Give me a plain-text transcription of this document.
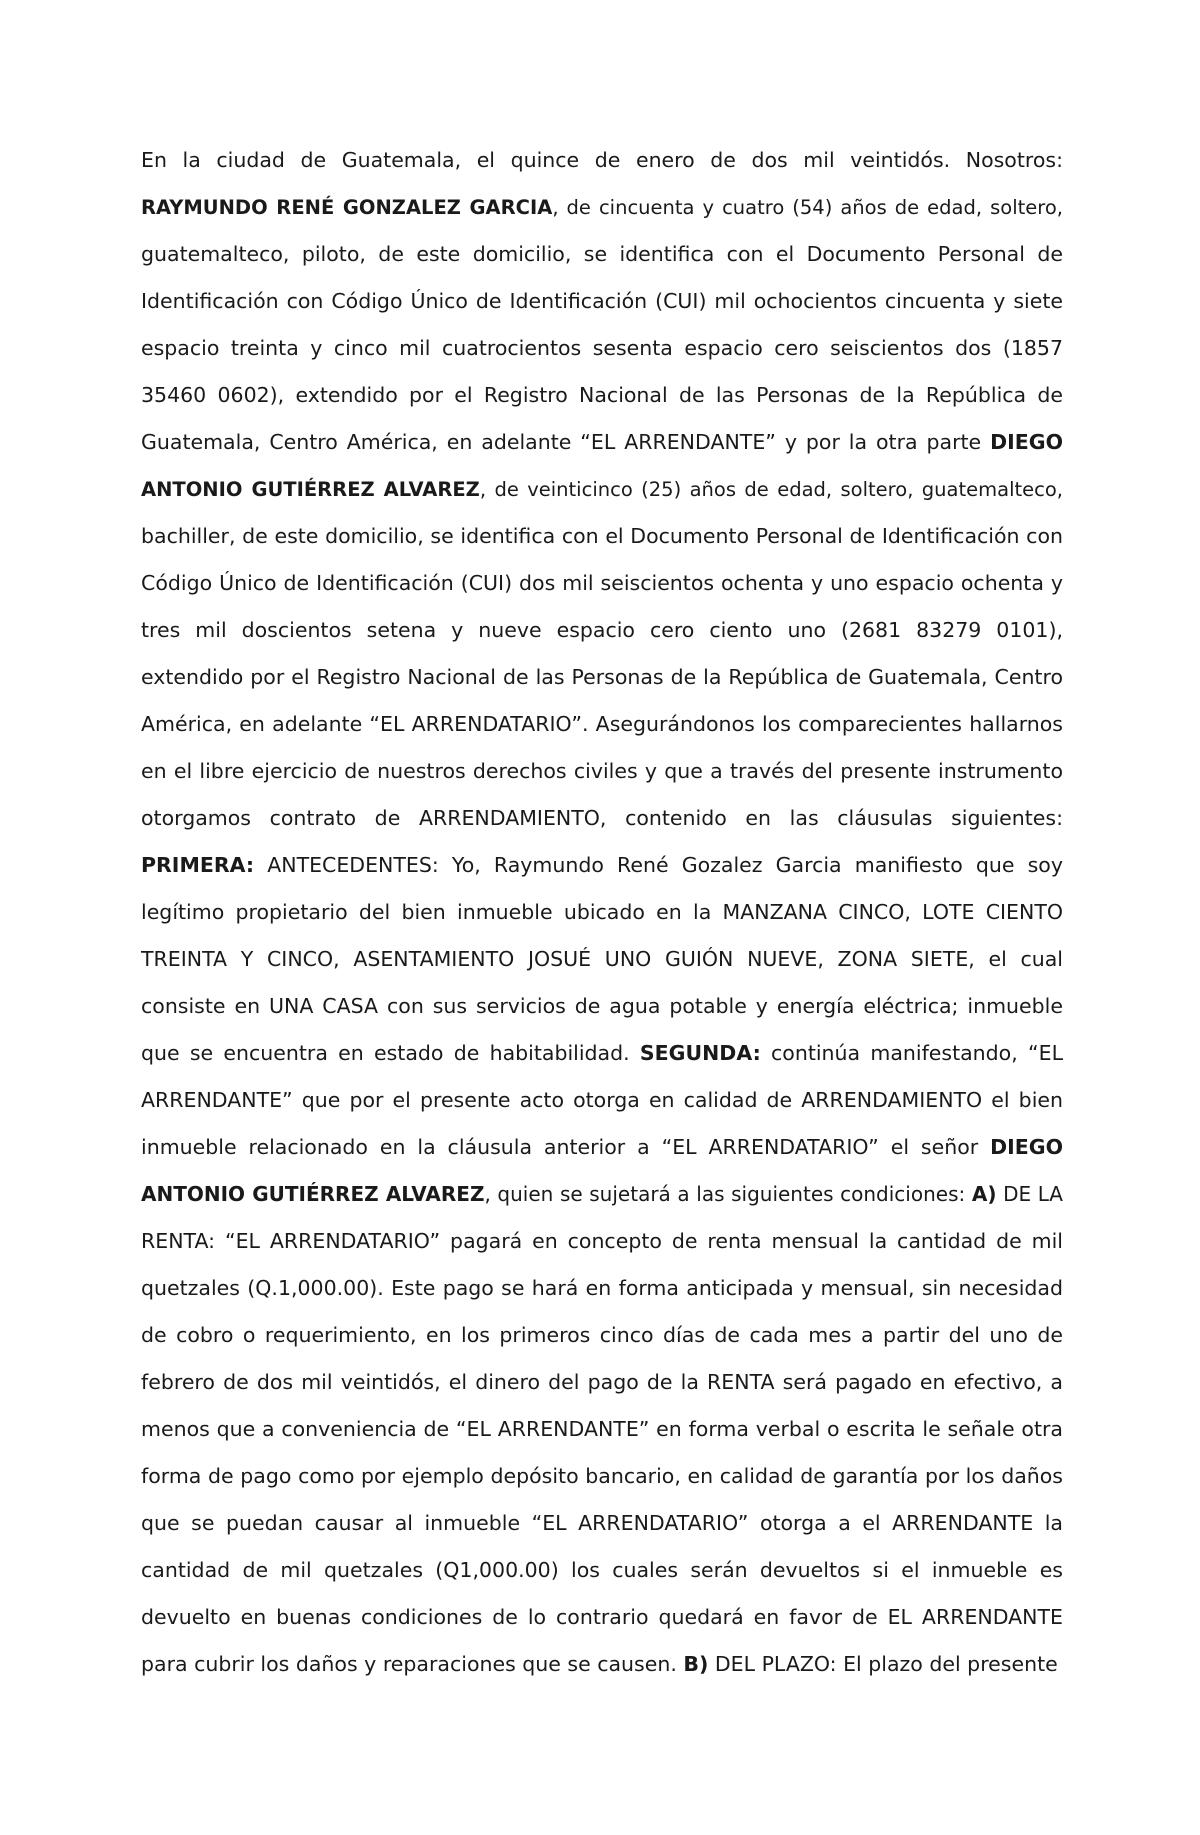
En la ciudad de Guatemala, el quince de enero de dos mil veintidós. Nosotros:
RAYMUNDO RENÉ GONZALEZ GARCIA, de cincuenta y cuatro (54) años de edad, soltero,
guatemalteco, piloto, de este domicilio, se identifica con el Documento Personal de
Identificación con Código Único de Identificación (CUI) mil ochocientos cincuenta y siete
espacio treinta y cinco mil cuatrocientos sesenta espacio cero seiscientos dos (1857
35460 0602), extendido por el Registro Nacional de las Personas de la República de
Guatemala, Centro América, en adelante “EL ARRENDANTE” y por la otra parte DIEGO
ANTONIO GUTIÉRREZ ALVAREZ, de veinticinco (25) años de edad, soltero, guatemalteco,
bachiller, de este domicilio, se identifica con el Documento Personal de Identificación con
Código Único de Identificación (CUI) dos mil seiscientos ochenta y uno espacio ochenta y
tres mil doscientos setena y nueve espacio cero ciento uno (2681 83279 0101),
extendido por el Registro Nacional de las Personas de la República de Guatemala, Centro
América, en adelante “EL ARRENDATARIO”. Asegurándonos los comparecientes hallarnos
en el libre ejercicio de nuestros derechos civiles y que a través del presente instrumento
otorgamos contrato de ARRENDAMIENTO, contenido en las cláusulas siguientes:
PRIMERA: ANTECEDENTES: Yo, Raymundo René Gozalez Garcia manifiesto que soy
legítimo propietario del bien inmueble ubicado en la MANZANA CINCO, LOTE CIENTO
TREINTA Y CINCO, ASENTAMIENTO JOSUÉ UNO GUIÓN NUEVE, ZONA SIETE, el cual
consiste en UNA CASA con sus servicios de agua potable y energía eléctrica; inmueble
que se encuentra en estado de habitabilidad. SEGUNDA: continúa manifestando, “EL
ARRENDANTE” que por el presente acto otorga en calidad de ARRENDAMIENTO el bien
inmueble relacionado en la cláusula anterior a “EL ARRENDATARIO” el señor DIEGO
ANTONIO GUTIÉRREZ ALVAREZ, quien se sujetará a las siguientes condiciones: A) DE LA
RENTA: “EL ARRENDATARIO” pagará en concepto de renta mensual la cantidad de mil
quetzales (Q.1,000.00). Este pago se hará en forma anticipada y mensual, sin necesidad
de cobro o requerimiento, en los primeros cinco días de cada mes a partir del uno de
febrero de dos mil veintidós, el dinero del pago de la RENTA será pagado en efectivo, a
menos que a conveniencia de “EL ARRENDANTE” en forma verbal o escrita le señale otra
forma de pago como por ejemplo depósito bancario, en calidad de garantía por los daños
que se puedan causar al inmueble “EL ARRENDATARIO” otorga a el ARRENDANTE la
cantidad de mil quetzales (Q1,000.00) los cuales serán devueltos si el inmueble es
devuelto en buenas condiciones de lo contrario quedará en favor de EL ARRENDANTE
para cubrir los daños y reparaciones que se causen. B) DEL PLAZO: El plazo del presente
